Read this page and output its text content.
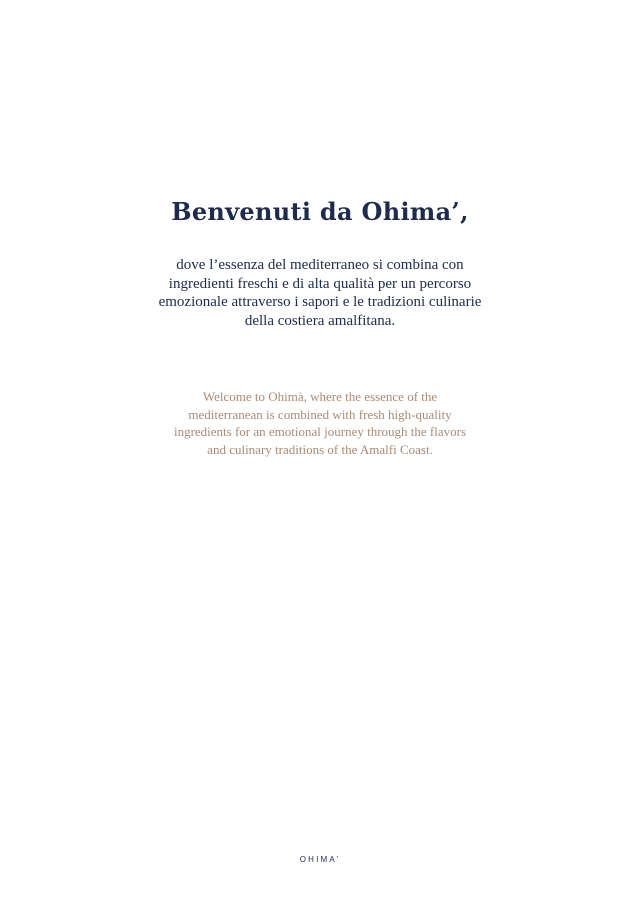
Benvenuti da Ohima’,
dove l’essenza del mediterraneo si combina con
ingredienti freschi e di alta qualità per un percorso
emozionale attraverso i sapori e le tradizioni culinarie
della costiera amalfitana.
Welcome to Ohimà, where the essence of the
mediterranean is combined with fresh high-quality
ingredients for an emotional journey through the flavors
and culinary traditions of the Amalfi Coast.
OHIMA’
